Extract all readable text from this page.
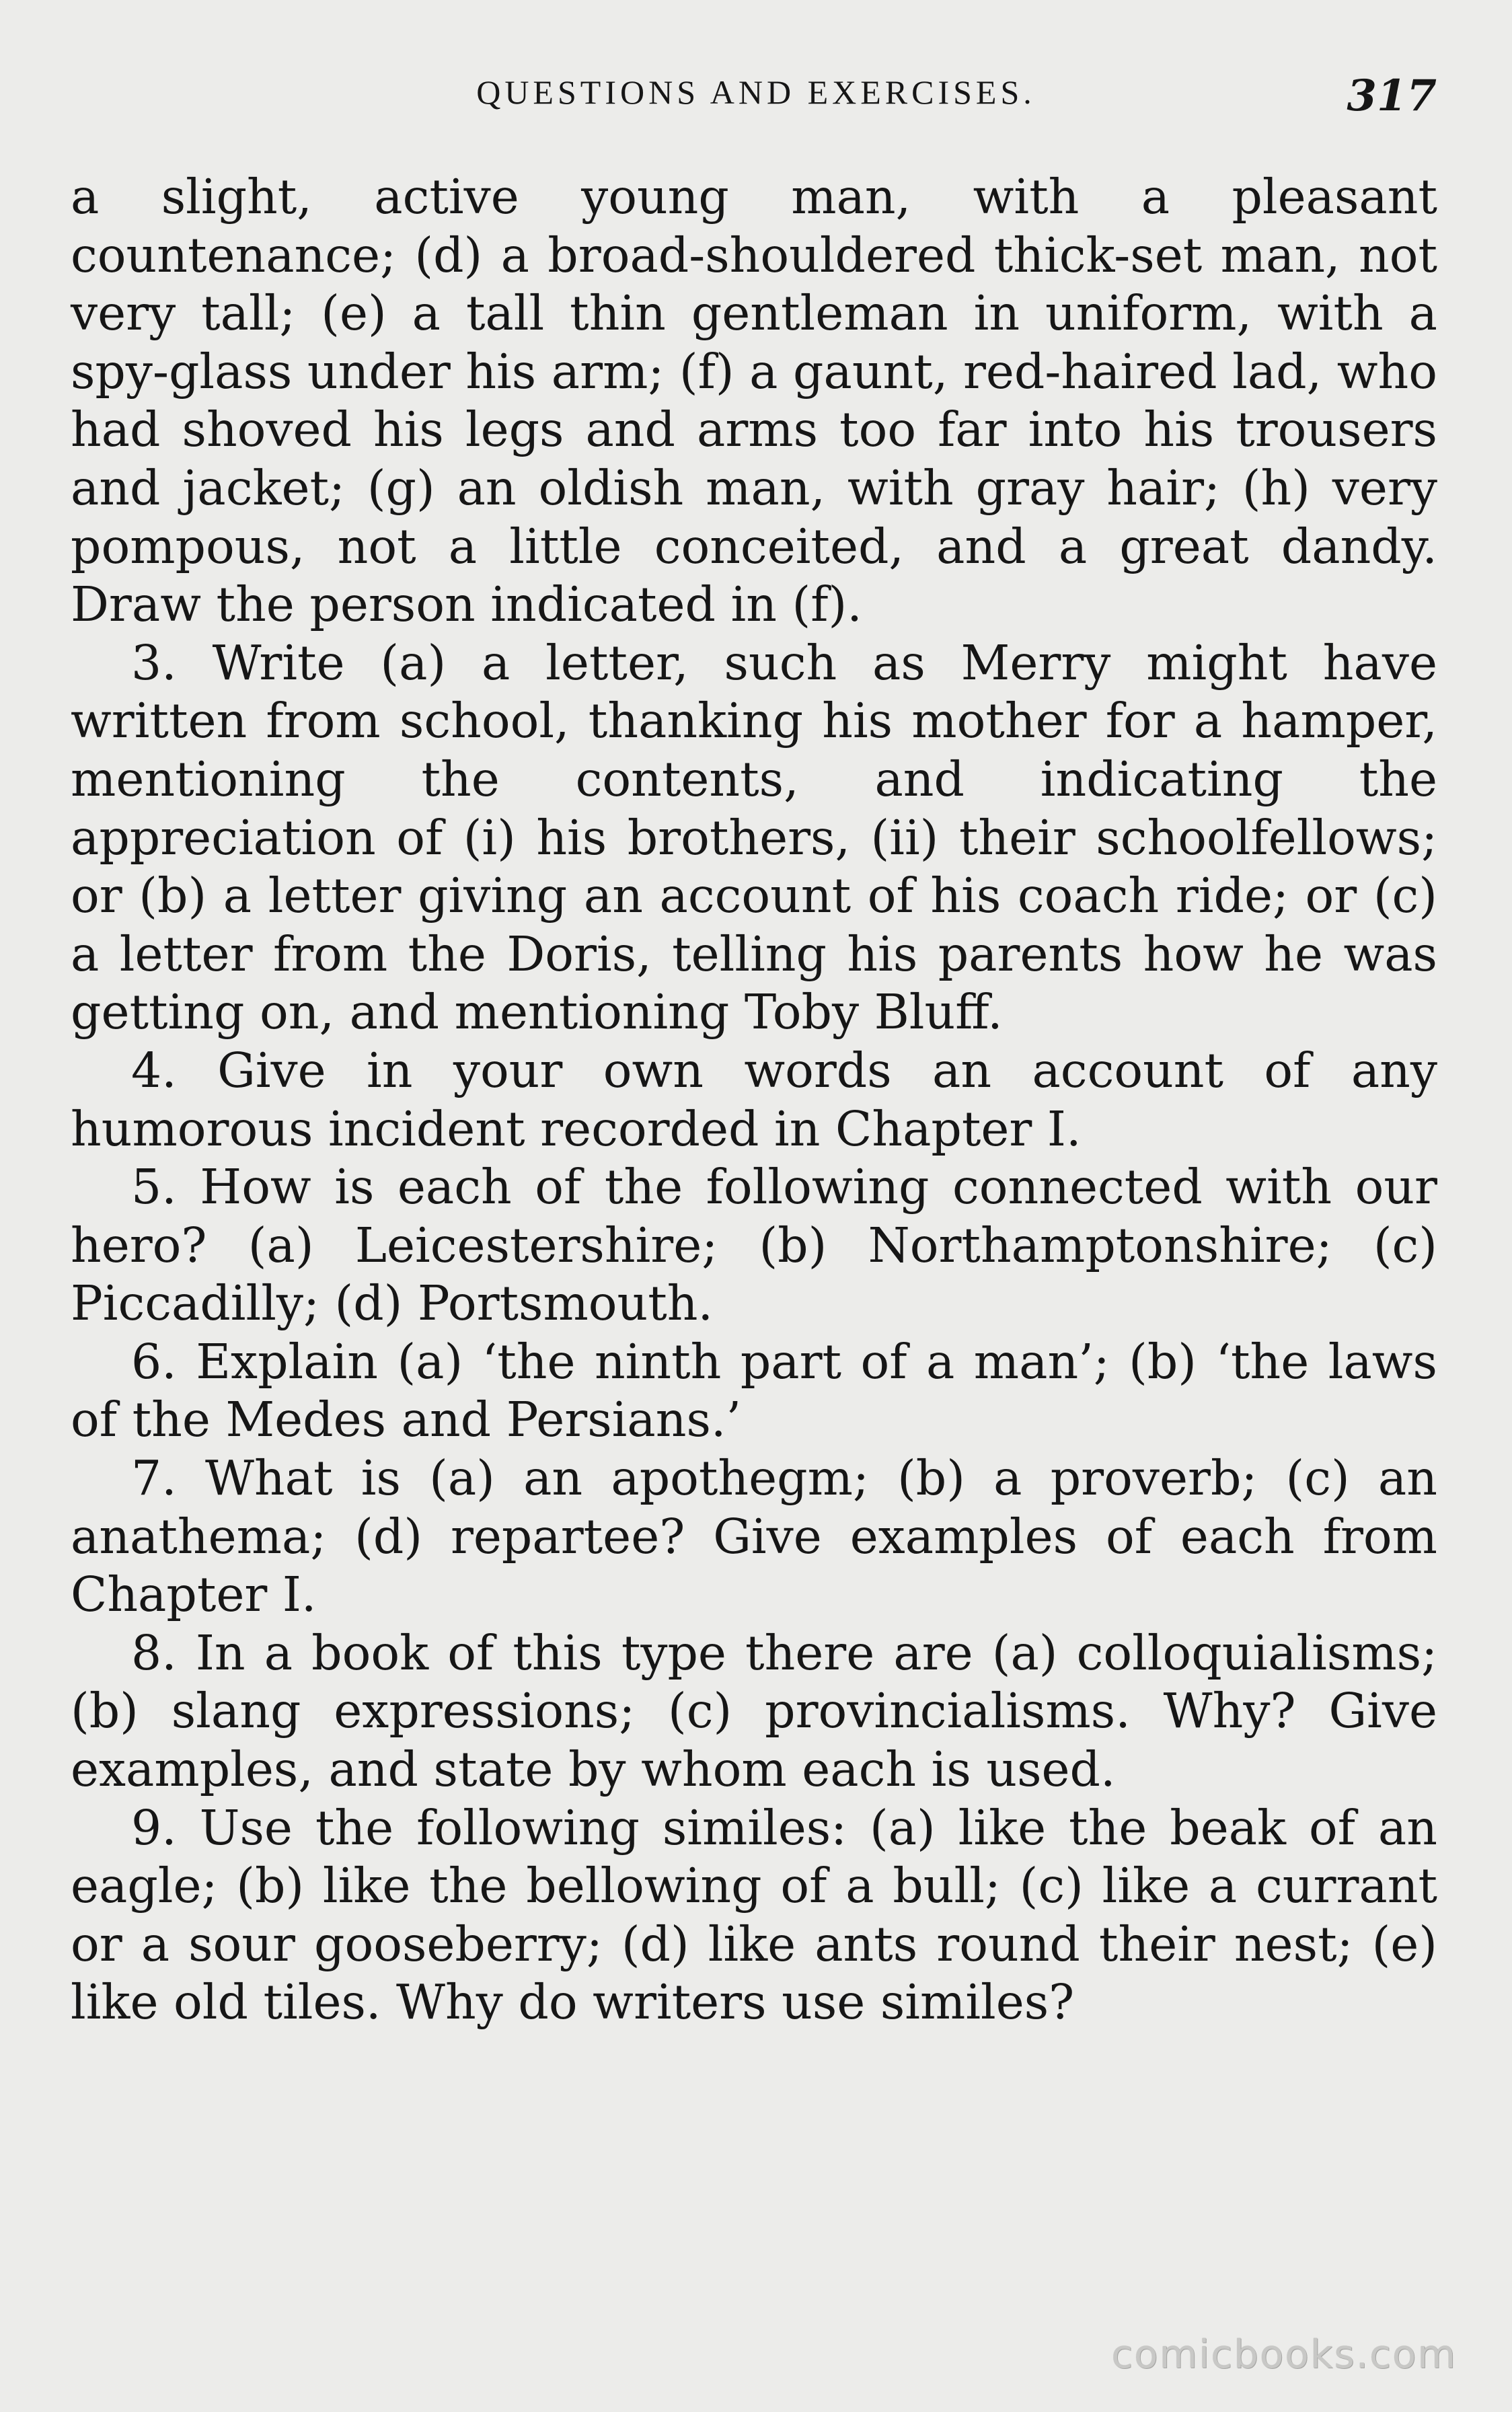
QUESTIONS AND EXERCISES.	317

a slight, active young man, with a pleasant countenance; (d) a broad-shouldered thick-set man, not very tall; (e) a tall thin gentleman in uniform, with a spy-glass under his arm; (f) a gaunt, red-haired lad, who had shoved his legs and arms too far into his trousers and jacket; (g) an oldish man, with gray hair; (h) very pompous, not a little conceited, and a great dandy. Draw the person indicated in (f).

3. Write (a) a letter, such as Merry might have written from school, thanking his mother for a hamper, mentioning the contents, and indicating the appreciation of (i) his brothers, (ii) their schoolfellows; or (b) a letter giving an account of his coach ride; or (c) a letter from the Doris, telling his parents how he was getting on, and mentioning Toby Bluff.

4. Give in your own words an account of any humorous incident recorded in Chapter I.

5. How is each of the following connected with our hero? (a) Leicestershire; (b) Northamptonshire; (c) Piccadilly; (d) Portsmouth.

6. Explain (a) ‘the ninth part of a man’; (b) ‘the laws of the Medes and Persians.’

7. What is (a) an apothegm; (b) a proverb; (c) an anathema; (d) repartee? Give examples of each from Chapter I.

8. In a book of this type there are (a) colloquialisms; (b) slang expressions; (c) provincialisms. Why? Give examples, and state by whom each is used.

9. Use the following similes: (a) like the beak of an eagle; (b) like the bellowing of a bull; (c) like a currant or a sour gooseberry; (d) like ants round their nest; (e) like old tiles. Why do writers use similes?

comicbooks.com
